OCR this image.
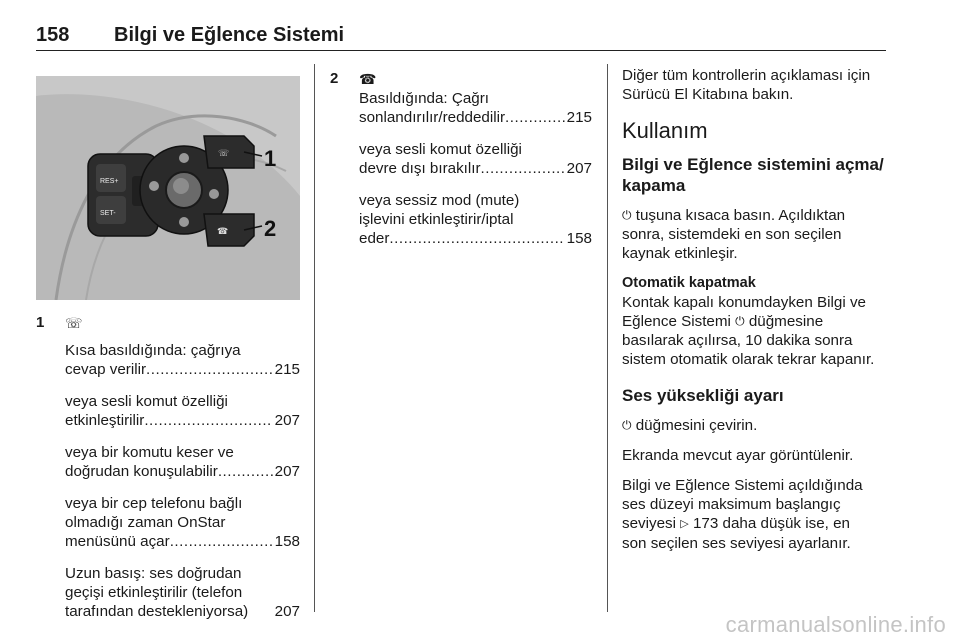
158 Bilgi ve Eğlence Sistemi
RES+
SET-
☏
☎
1
2
1 ☏
Kısa basıldığında: çağrıya
cevap verilir .....	215
veya sesli komut özelliği
etkinleştirilir .....	207
veya bir komutu keser ve
doğrudan konuşulabilir .....	207
veya bir cep telefonu bağlı
olmadığı zaman OnStar
menüsünü açar .....	158
Uzun basış: ses doğrudan
geçişi etkinleştirilir (telefon
tarafından destekleniyorsa) 207
2 ☎
Basıldığında: Çağrı
sonlandırılır/reddedilir .....	215
veya sesli komut özelliği
devre dışı bırakılır .....	207
veya sessiz mod (mute)
işlevini etkinleştirir/iptal
eder .....	158
Diğer tüm kontrollerin açıklaması için
Sürücü El Kitabına bakın.
Kullanım
Bilgi ve Eğlence sistemini açma/
kapama
⏻ tuşuna kısaca basın. Açıldıktan
sonra, sistemdeki en son seçilen
kaynak etkinleşir.
Otomatik kapatmak
Kontak kapalı konumdayken Bilgi ve
Eğlence Sistemi ⏻ düğmesine
basılarak açılırsa, 10 dakika sonra
sistem otomatik olarak tekrar kapanır.
Ses yüksekliği ayarı
⏻ düğmesini çevirin.
Ekranda mevcut ayar görüntülenir.
Bilgi ve Eğlence Sistemi açıldığında
ses düzeyi maksimum başlangıç
seviyesi ▷ 173 daha düşük ise, en
son seçilen ses seviyesi ayarlanır.
carmanualsonline.info
